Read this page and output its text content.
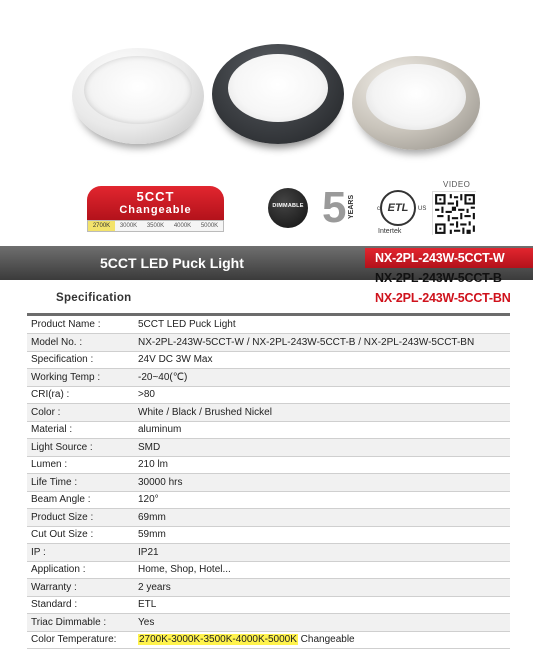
5CCT
Changeable
2700K	3000K	3500K	4000K	5000K
DIMMABLE 5 YEARS	ETL
c	US
Intertek
VIDEO
5CCT LED Puck Light	NX-2PL-243W-5CCT-W
NX-2PL-243W-5CCT-B
NX-2PL-243W-5CCT-BN
Specification
Product Name :	5CCT LED Puck Light
Model No. :	NX-2PL-243W-5CCT-W / NX-2PL-243W-5CCT-B / NX-2PL-243W-5CCT-BN
Specification :	24V DC 3W Max
Working Temp :	-20~40(℃)
CRI(ra) :	>80
Color :	White / Black / Brushed Nickel
Material :	aluminum
Light Source :	SMD
Lumen :	210 lm
Life Time :	30000 hrs
Beam Angle :	120°
Product Size :	69mm
Cut Out Size :	59mm
IP :	IP21
Application :	Home, Shop, Hotel...
Warranty :	2 years
Standard :	ETL
Triac Dimmable :	Yes
Color Temperature:	2700K-3000K-3500K-4000K-5000K Changeable
